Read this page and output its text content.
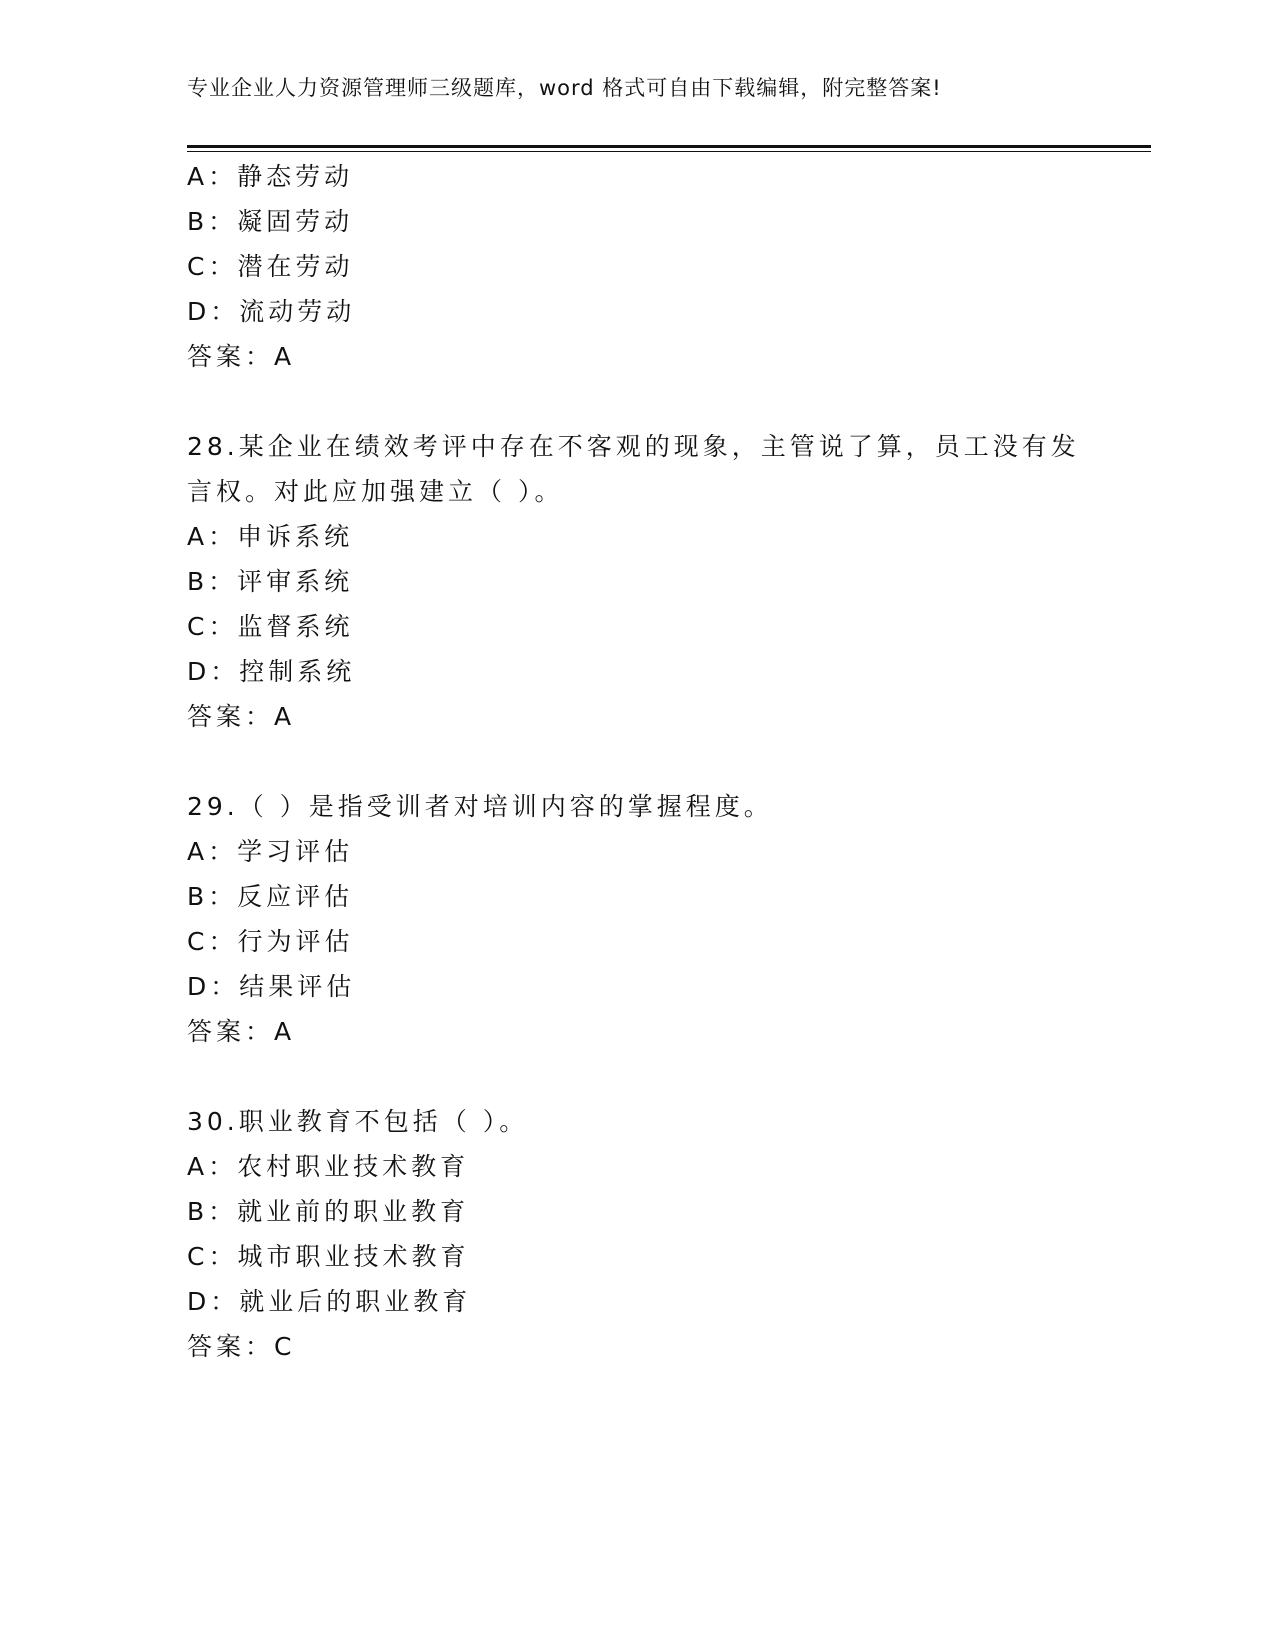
专业企业人力资源管理师三级题库，word 格式可自由下载编辑，附完整答案!
A：静态劳动
B：凝固劳动
C：潜在劳动
D：流动劳动
答案：A
28.某企业在绩效考评中存在不客观的现象，主管说了算，员工没有发
言权。对此应加强建立（ ）。
A：申诉系统
B：评审系统
C：监督系统
D：控制系统
答案：A
29.（ ）是指受训者对培训内容的掌握程度。
A：学习评估
B：反应评估
C：行为评估
D：结果评估
答案：A
30.职业教育不包括（ ）。
A：农村职业技术教育
B：就业前的职业教育
C：城市职业技术教育
D：就业后的职业教育
答案：C
